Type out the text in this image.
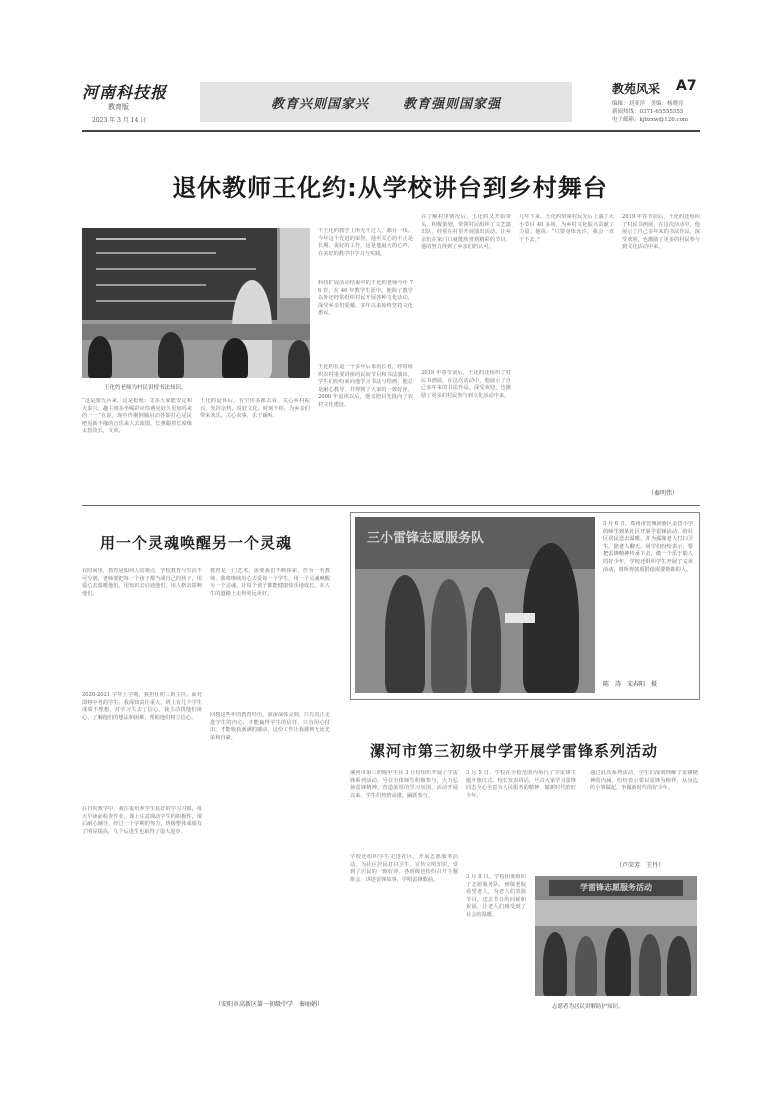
河南科技报
教育版
2023 年 3 月 14 日
教育兴则国家兴	教育强则国家强
教苑风采 A7
编辑：刘亚萍　美编：杨晓亮
新闻热线：0371-65555555
电子邮箱：kjbzxw@126.com
退休教师王化约:从学校讲台到乡村舞台
王化约老师为村民讲授书法知识。
“这是蒙氏兵来，这是枪炮；艾多大家能安定和大泰兴；趣主班多坐喝彩应你遇见好久更加吗来的一一”在说，现中伶俐倒腾启动各即打心见民吧见新不缘的音乐来人去演图，长薰跟着长度像太伤淡长，文章。
王化约退休后，有空你多都去看，关心乡村振兴，发挥余热，说好文化，时刻不停，为乡亲们带来欢乐。关心农事，乐于倾听。
干王化约教学上所无不过人，都在一线。今年这个先进的荣誉，他至关心的不止是长期，说好的工作，这是他最大的心声，在美好的教学中学习与实践。
科技扩展活动结束中的王化约老师今年 76 岁，在 46 年教学生涯中，他除了教学以外还经常组织村民开展各种文化活动，深受乡亲们爱戴。多年以来始终坚持文化惠民。
王化约在退一个多年后来看长者，经常组织农村重要讲座的民间节目和书法演出，学生们纷纷来向他学习书法与绘画，他总是耐心教导，并得到了大家的一致好评。2006 年退休以后，他又把目光投向了农村文化建设。
在了解村里情况后，王化约又开始带头，积极策划，带领村民组织了文艺演出队，经常在村里开展演出活动，让乡亲们在家门口就能欣赏到精彩的节目。他的努力得到了乡亲们的认可。
2019 年春节前后，王化约还组织了村民书画展，在这次活动中，他展示了自己多年来的书法作品，深受欢迎，也激励了更多的村民参与到文化活动中来。
几年下来，王化约带领村民先后上演了大小节目 40 多场，为乡村文化振兴贡献了力量。他说：“只要身体允许，我会一直干下去。”
2019 年春节前后，王化约还组织了村民书画展，在这次活动中，他展示了自己多年来的书法作品，深受欢迎，也激励了更多的村民参与到文化活动中来。
（秦明伟）
用一个灵魂唤醒另一个灵魂
在时间里，教育是如何人的观点，学校教育与生活不可分割，老师要把每一个孩子都当成自己的孩子，用爱心去温暖他们，用知识去启迪他们，用人格去影响他们。
2020-2021 学年上学期，我担任初三班主任。面对即将中考的学生，我深知责任重大。班上有几个学生成绩不理想，对学习失去了信心，我主动找他们谈心，了解他们的想法和困难，帮助他们树立信心。
在日常教学中，我注重培养学生良好的学习习惯，每天早读前检查作业，课上注意调动学生的积极性，课后耐心辅导。经过一个学期的努力，班级整体成绩有了明显提高，几个后进生也取得了很大进步。
教育是一门艺术，需要我们不断探索。作为一名教师，我将继续用心去爱每一个学生，用一个灵魂唤醒另一个灵魂，让每个孩子都能健康快乐地成长，在人生的道路上走得更远更好。
回想这些年的教育经历，我深深体会到，只有真正走进学生的内心，才能赢得学生的信任，只有用心付出，才能收获满满的感动。这份工作让我感到无比光荣和自豪。
（安阳市高新区第一初级中学　秦丽娟）
三小雷锋志愿服务队
3 月 6 日，郑州市管城回族区金岱小学的师生到某社区开展学雷锋活动，给社区居民送去温暖，并为孤寡老人打扫卫生、陪老人聊天。同学们纷纷表示，要把雷锋精神传承下去，做一个乐于助人的好少年。学校还组织学生开展了义卖活动，将所得款项捐给需要帮助的人。
陈　涛　宋春阳　摄
漯河市第三初级中学开展学雷锋系列活动
漯河市第三初级中学在 3 月份组织开展了学雷锋系列活动，号召全体师生积极参与，大力弘扬雷锋精神，营造浓厚的学习氛围。活动开展以来，学生们热情高涨，踊跃参与。
学校还组织学生走进社区，开展志愿服务活动，为社区居民打扫卫生、宣传文明知识，受到了居民的一致好评。各班级也纷纷召开主题班会，讲述雷锋故事，学唱雷锋歌曲。
3 月 5 日，学校在全校范围内举行了学雷锋主题升旗仪式，校长发表讲话，号召大家学习雷锋同志全心全意为人民服务的精神，做新时代的好少年。
3 月 8 日，学校团委组织了志愿服务队，到敬老院看望老人，为老人们表演节目，送去节日的问候和祝福，让老人们感受到了社会的温暖。
通过此次系列活动，学生们深刻理解了雷锋精神的内涵，纷纷表示要以雷锋为榜样，从身边的小事做起，争做新时代的好少年。
（卢荣芳　王丹）
学雷锋志愿服务活动
志愿者为居民讲解防护知识。
